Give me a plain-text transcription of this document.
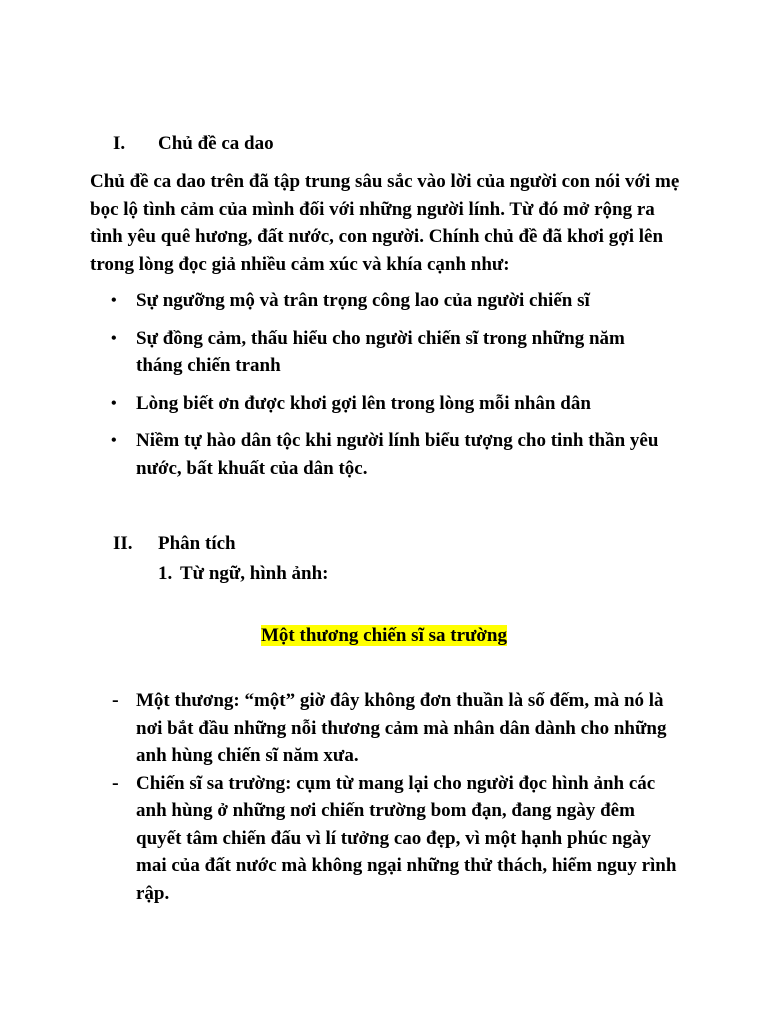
I. Chủ đề ca dao

Chủ đề ca dao trên đã tập trung sâu sắc vào lời của người con nói với mẹ bọc lộ tình cảm của mình đối với những người lính. Từ đó mở rộng ra tình yêu quê hương, đất nước, con người. Chính chủ đề đã khơi gợi lên trong lòng đọc giả nhiều cảm xúc và khía cạnh như:

• Sự ngưỡng mộ và trân trọng công lao của người chiến sĩ
• Sự đồng cảm, thấu hiểu cho người chiến sĩ trong những năm tháng chiến tranh
• Lòng biết ơn được khơi gợi lên trong lòng mỗi nhân dân
• Niềm tự hào dân tộc khi người lính biểu tượng cho tinh thần yêu nước, bất khuất của dân tộc.
II. Phân tích
1. Từ ngữ, hình ảnh:
Một thương chiến sĩ sa trường
- Một thương: “một” giờ đây không đơn thuần là số đếm, mà nó là nơi bắt đầu những nỗi thương cảm mà nhân dân dành cho những anh hùng chiến sĩ năm xưa.
- Chiến sĩ sa trường: cụm từ mang lại cho người đọc hình ảnh các anh hùng ở những nơi chiến trường bom đạn, đang ngày đêm quyết tâm chiến đấu vì lí tưởng cao đẹp, vì một hạnh phúc ngày mai của đất nước mà không ngại những thử thách, hiểm nguy rình rập.
